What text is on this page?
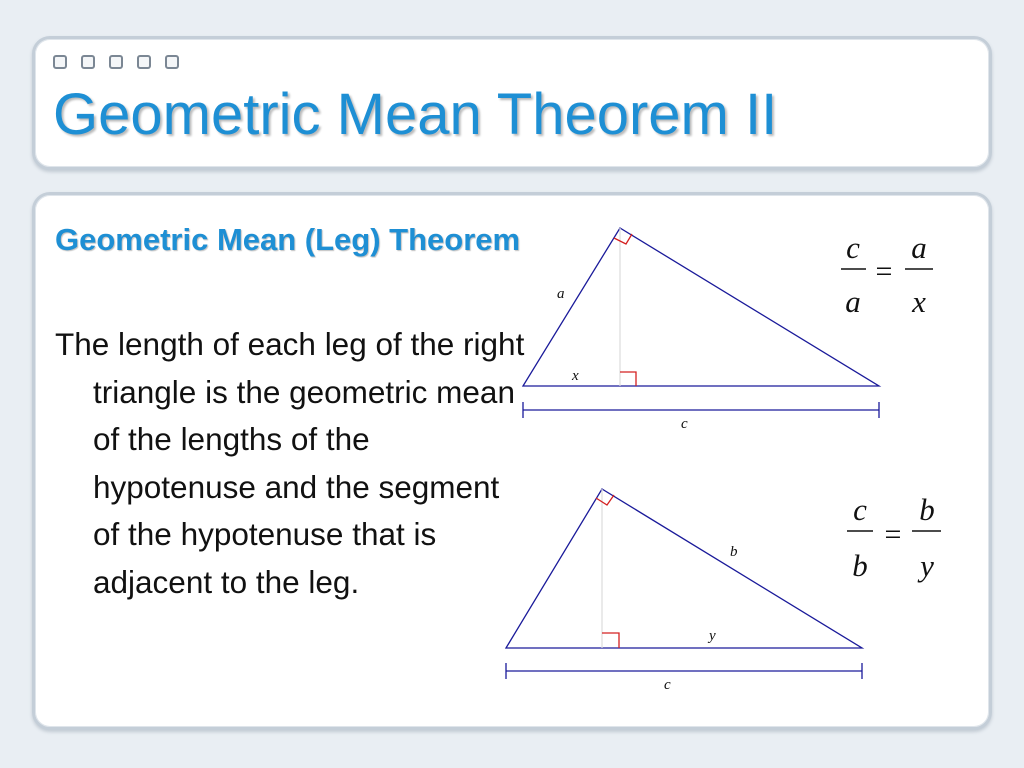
Geometric Mean Theorem II

Geometric Mean (Leg) Theorem

The length of each leg of the right triangle is the geometric mean of the lengths of the hypotenuse and the segment of the hypotenuse that is adjacent to the leg.

a
x
c
c
a
=
a
x
b
y
c
c
b
=
b
y
